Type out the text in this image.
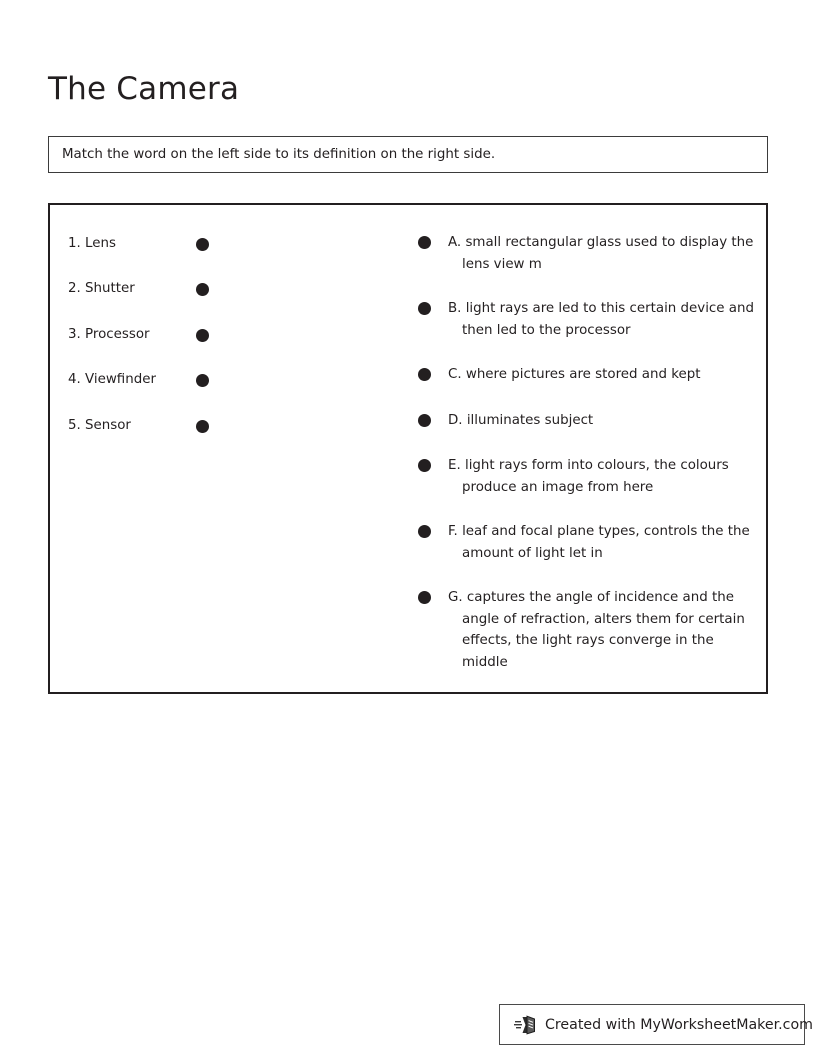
The Camera
Match the word on the left side to its definition on the right side.
1. Lens
2. Shutter
3. Processor
4. Viewfinder
5. Sensor
A. small rectangular glass used to display the lens view m
B. light rays are led to this certain device and then led to the processor
C. where pictures are stored and kept
D. illuminates subject
E. light rays form into colours, the colours produce an image from here
F. leaf and focal plane types, controls the the amount of light let in
G. captures the angle of incidence and the angle of refraction, alters them for certain effects, the light rays converge in the middle
Created with MyWorksheetMaker.com
